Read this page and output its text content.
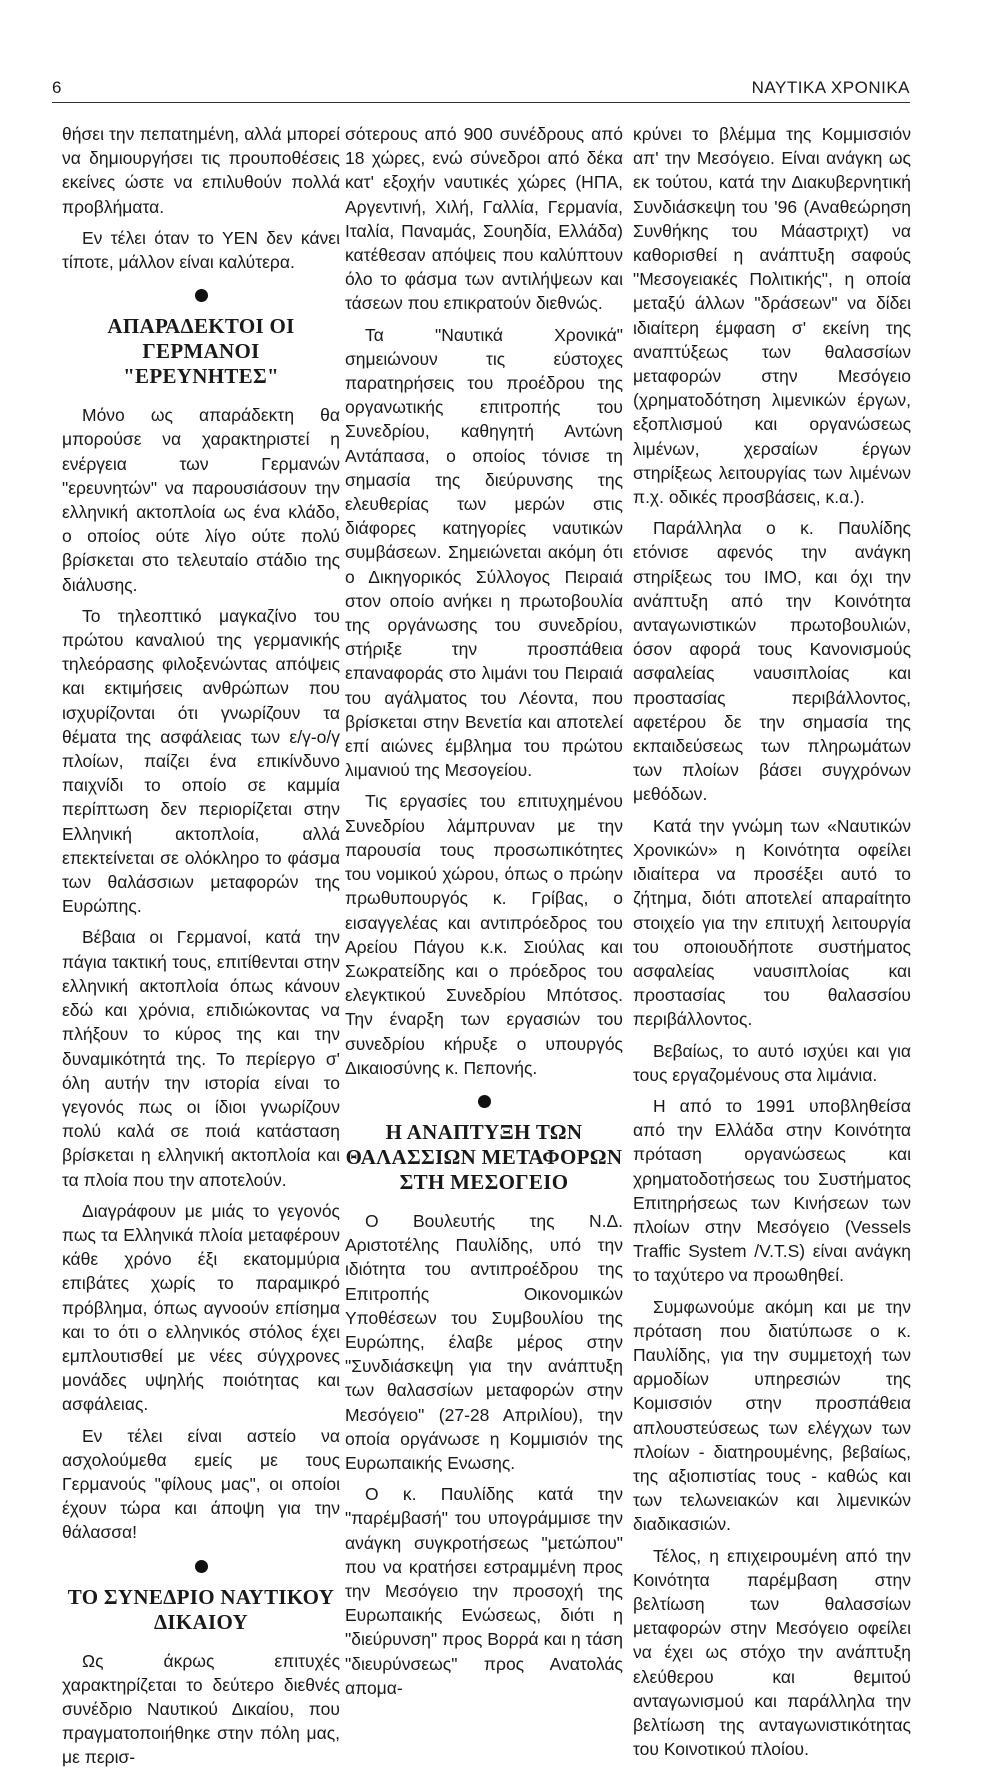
6	ΝΑΥΤΙΚΑ ΧΡΟΝΙΚΑ

θήσει την πεπατημένη, αλλά μπορεί να δημιουργήσει τις προυποθέσεις εκείνες ώστε να επιλυθούν πολλά προβλήματα.

Εν τέλει όταν το ΥΕΝ δεν κάνει τίποτε, μάλλον είναι καλύτερα.

ΑΠΑΡΑΔΕΚΤΟΙ ΟΙ ΓΕΡΜΑΝΟΙ "ΕΡΕΥΝΗΤΕΣ"

Μόνο ως απαράδεκτη θα μπορούσε να χαρακτηριστεί η ενέργεια των Γερμανών "ερευνητών" να παρουσιάσουν την ελληνική ακτοπλοία ως ένα κλάδο, ο οποίος ούτε λίγο ούτε πολύ βρίσκεται στο τελευταίο στάδιο της διάλυσης.

Το τηλεοπτικό μαγκαζίνο του πρώτου καναλιού της γερμανικής τηλεόρασης φιλοξενώντας απόψεις και εκτιμήσεις ανθρώπων που ισχυρίζονται ότι γνωρίζουν τα θέματα της ασφάλειας των ε/γ-ο/γ πλοίων, παίζει ένα επικίνδυνο παιχνίδι το οποίο σε καμμία περίπτωση δεν περιορίζεται στην Ελληνική ακτοπλοία, αλλά επεκτείνεται σε ολόκληρο το φάσμα των θαλάσσιων μεταφορών της Ευρώπης.

Βέβαια οι Γερμανοί, κατά την πάγια τακτική τους, επιτίθενται στην ελληνική ακτοπλοία όπως κάνουν εδώ και χρόνια, επιδιώκοντας να πλήξουν το κύρος της και την δυναμικότητά της. Το περίεργο σ' όλη αυτήν την ιστορία είναι το γεγονός πως οι ίδιοι γνωρίζουν πολύ καλά σε ποιά κατάσταση βρίσκεται η ελληνική ακτοπλοία και τα πλοία που την αποτελούν.

Διαγράφουν με μιάς το γεγονός πως τα Ελληνικά πλοία μεταφέρουν κάθε χρόνο έξι εκατομμύρια επιβάτες χωρίς το παραμικρό πρόβλημα, όπως αγνοούν επίσημα και το ότι ο ελληνικός στόλος έχει εμπλουτισθεί με νέες σύγχρονες μονάδες υψηλής ποιότητας και ασφάλειας.

Εν τέλει είναι αστείο να ασχολούμεθα εμείς με τους Γερμανούς "φίλους μας", οι οποίοι έχουν τώρα και άποψη για την θάλασσα!

ΤΟ ΣΥΝΕΔΡΙΟ ΝΑΥΤΙΚΟΥ ΔΙΚΑΙΟΥ

Ως άκρως επιτυχές χαρακτηρίζεται το δεύτερο διεθνές συνέδριο Ναυτικού Δικαίου, που πραγματοποιήθηκε στην πόλη μας, με περισ-

σότερους από 900 συνέδρους από 18 χώρες, ενώ σύνεδροι από δέκα κατ' εξοχήν ναυτικές χώρες (ΗΠΑ, Αργεντινή, Χιλή, Γαλλία, Γερμανία, Ιταλία, Παναμάς, Σουηδία, Ελλάδα) κατέθεσαν απόψεις που καλύπτουν όλο το φάσμα των αντιλήψεων και τάσεων που επικρατούν διεθνώς.

Τα "Ναυτικά Χρονικά" σημειώνουν τις εύστοχες παρατηρήσεις του προέδρου της οργανωτικής επιτροπής του Συνεδρίου, καθηγητή Αντώνη Αντάπασα, ο οποίος τόνισε τη σημασία της διεύρυνσης της ελευθερίας των μερών στις διάφορες κατηγορίες ναυτικών συμβάσεων. Σημειώνεται ακόμη ότι ο Δικηγορικός Σύλλογος Πειραιά στον οποίο ανήκει η πρωτοβουλία της οργάνωσης του συνεδρίου, στήριξε την προσπάθεια επαναφοράς στο λιμάνι του Πειραιά του αγάλματος του Λέοντα, που βρίσκεται στην Βενετία και αποτελεί επί αιώνες έμβλημα του πρώτου λιμανιού της Μεσογείου.

Τις εργασίες του επιτυχημένου Συνεδρίου λάμπρυναν με την παρουσία τους προσωπικότητες του νομικού χώρου, όπως ο πρώην πρωθυπουργός κ. Γρίβας, ο εισαγγελέας και αντιπρόεδρος του Αρείου Πάγου κ.κ. Σιούλας και Σωκρατείδης και ο πρόεδρος του ελεγκτικού Συνεδρίου Μπότσος. Την έναρξη των εργασιών του συνεδρίου κήρυξε ο υπουργός Δικαιοσύνης κ. Πεπονής.

Η ΑΝΑΠΤΥΞΗ ΤΩΝ ΘΑΛΑΣΣΙΩΝ ΜΕΤΑΦΟΡΩΝ ΣΤΗ ΜΕΣΟΓΕΙΟ

Ο Βουλευτής της Ν.Δ. Αριστοτέλης Παυλίδης, υπό την ιδιότητα του αντιπροέδρου της Επιτροπής Οικονομικών Υποθέσεων του Συμβουλίου της Ευρώπης, έλαβε μέρος στην "Συνδιάσκεψη για την ανάπτυξη των θαλασσίων μεταφορών στην Μεσόγειο" (27-28 Απριλίου), την οποία οργάνωσε η Κομμισιόν της Ευρωπαικής Ενωσης.

Ο κ. Παυλίδης κατά την "παρέμβασή" του υπογράμμισε την ανάγκη συγκροτήσεως "μετώπου" που να κρατήσει εστραμμένη προς την Μεσόγειο την προσοχή της Ευρωπαικής Ενώσεως, διότι η "διεύρυνση" προς Βορρά και η τάση "διευρύνσεως" προς Ανατολάς απομα-

κρύνει το βλέμμα της Κομμισσιόν απ' την Μεσόγειο. Είναι ανάγκη ως εκ τούτου, κατά την Διακυβερνητική Συνδιάσκεψη του '96 (Αναθεώρηση Συνθήκης του Μάαστριχτ) να καθορισθεί η ανάπτυξη σαφούς "Μεσογειακές Πολιτικής", η οποία μεταξύ άλλων "δράσεων" να δίδει ιδιαίτερη έμφαση σ' εκείνη της αναπτύξεως των θαλασσίων μεταφορών στην Μεσόγειο (χρηματοδότηση λιμενικών έργων, εξοπλισμού και οργανώσεως λιμένων, χερσαίων έργων στηρίξεως λειτουργίας των λιμένων π.χ. οδικές προσβάσεις, κ.α.).

Παράλληλα ο κ. Παυλίδης ετόνισε αφενός την ανάγκη στηρίξεως του ΙΜΟ, και όχι την ανάπτυξη από την Κοινότητα ανταγωνιστικών πρωτοβουλιών, όσον αφορά τους Κανονισμούς ασφαλείας ναυσιπλοίας και προστασίας περιβάλλοντος, αφετέρου δε την σημασία της εκπαιδεύσεως των πληρωμάτων των πλοίων βάσει συγχρόνων μεθόδων.

Κατά την γνώμη των «Ναυτικών Χρονικών» η Κοινότητα οφείλει ιδιαίτερα να προσέξει αυτό το ζήτημα, διότι αποτελεί απαραίτητο στοιχείο για την επιτυχή λειτουργία του οποιουδήποτε συστήματος ασφαλείας ναυσιπλοίας και προστασίας του θαλασσίου περιβάλλοντος.

Βεβαίως, το αυτό ισχύει και για τους εργαζομένους στα λιμάνια.

Η από το 1991 υποβληθείσα από την Ελλάδα στην Κοινότητα πρόταση οργανώσεως και χρηματοδοτήσεως του Συστήματος Επιτηρήσεως των Κινήσεων των πλοίων στην Μεσόγειο (Vessels Traffic System /V.T.S) είναι ανάγκη το ταχύτερο να προωθηθεί.

Συμφωνούμε ακόμη και με την πρόταση που διατύπωσε ο κ. Παυλίδης, για την συμμετοχή των αρμοδίων υπηρεσιών της Κομισσιόν στην προσπάθεια απλουστεύσεως των ελέγχων των πλοίων - διατηρουμένης, βεβαίως, της αξιοπιστίας τους - καθώς και των τελωνειακών και λιμενικών διαδικασιών.

Τέλος, η επιχειρουμένη από την Κοινότητα παρέμβαση στην βελτίωση των θαλασσίων μεταφορών στην Μεσόγειο οφείλει να έχει ως στόχο την ανάπτυξη ελεύθερου και θεμιτού ανταγωνισμού και παράλληλα την βελτίωση της ανταγωνιστικότητας του Κοινοτικού πλοίου.
